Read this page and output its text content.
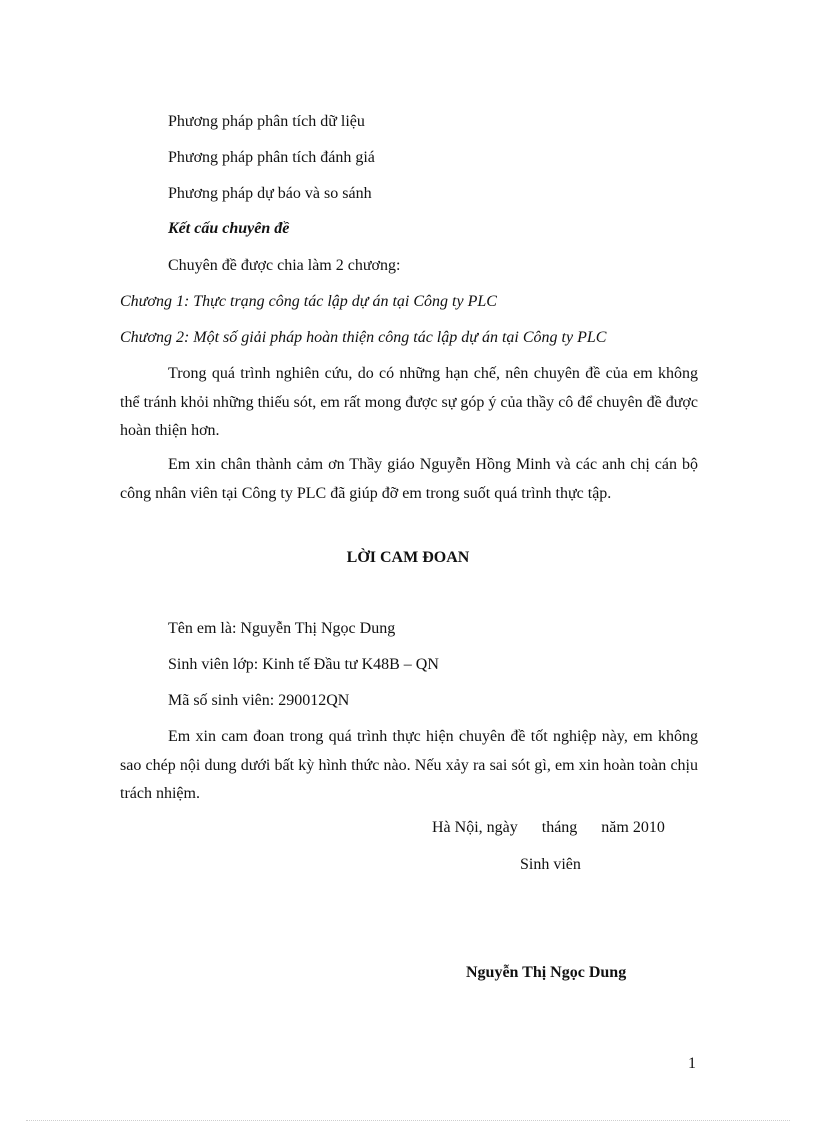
Phương pháp phân tích dữ liệu
Phương pháp phân tích đánh giá
Phương pháp dự báo và so sánh
Kết cấu chuyên đề
Chuyên đề được chia làm 2 chương:
Chương 1: Thực trạng công tác lập dự án tại Công ty PLC
Chương 2: Một số giải pháp hoàn thiện công tác lập dự án tại Công ty PLC
Trong quá trình nghiên cứu, do có những hạn chế, nên chuyên đề của em không thể tránh khỏi những thiếu sót, em rất mong được sự góp ý của thầy cô để chuyên đề được hoàn thiện hơn.
Em xin chân thành cảm ơn Thầy giáo Nguyễn Hồng Minh và các anh chị cán bộ công nhân viên tại Công ty PLC đã giúp đỡ em trong suốt quá trình thực tập.
LỜI CAM ĐOAN
Tên em là: Nguyễn Thị Ngọc Dung
Sinh viên lớp: Kinh tế Đầu tư K48B – QN
Mã số sinh viên: 290012QN
Em xin cam đoan trong quá trình thực hiện chuyên đề tốt nghiệp này, em không sao chép nội dung dưới bất kỳ hình thức nào. Nếu xảy ra sai sót gì, em xin hoàn toàn chịu trách nhiệm.
Hà Nội, ngày      tháng      năm 2010
Sinh viên
Nguyễn Thị Ngọc Dung
1
